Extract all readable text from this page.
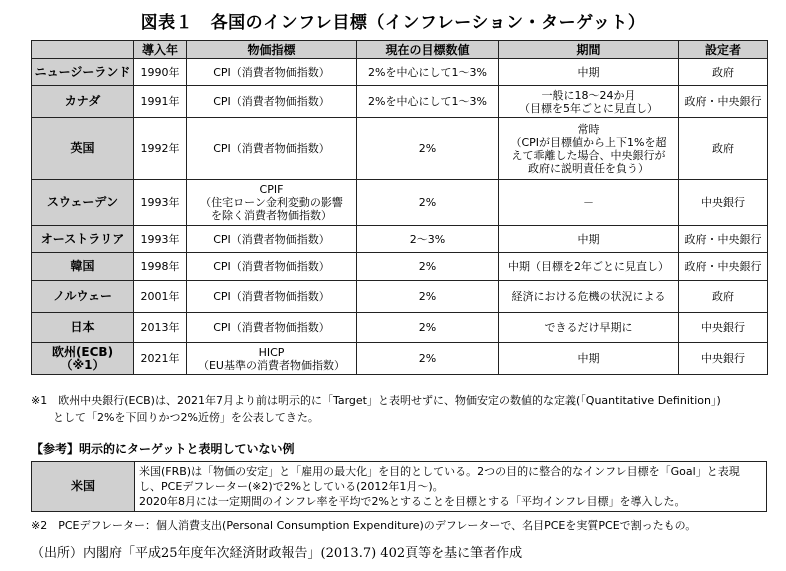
図表１　各国のインフレ目標（インフレーション・ターゲット）
	導入年	物価指標	現在の目標数値	期間	設定者
ニュージーランド	1990年	CPI（消費者物価指数）	2%を中心にして1～3%	中期	政府
カナダ	1991年	CPI（消費者物価指数）	2%を中心にして1～3%	一般に18～24か月
（目標を5年ごとに見直し）	政府・中央銀行
英国	1992年	CPI（消費者物価指数）	2%	常時
（CPIが目標値から上下1%を超
えて乖離した場合、中央銀行が
政府に説明責任を負う）	政府
スウェーデン	1993年	CPIF
（住宅ローン金利変動の影響
を除く消費者物価指数）	2%	－	中央銀行
オーストラリア	1993年	CPI（消費者物価指数）	2～3%	中期	政府・中央銀行
韓国	1998年	CPI（消費者物価指数）	2%	中期（目標を2年ごとに見直し）	政府・中央銀行
ノルウェー	2001年	CPI（消費者物価指数）	2%	経済における危機の状況による	政府
日本	2013年	CPI（消費者物価指数）	2%	できるだけ早期に	中央銀行
欧州(ECB)
（※1）	2021年	HICP
（EU基準の消費者物価指数）	2%	中期	中央銀行
※1　欧州中央銀行(ECB)は、2021年7月より前は明示的に「Target」と表明せずに、物価安定の数値的な定義(「Quantitative Definition」)
　　として「2%を下回りかつ2%近傍」を公表してきた。
【参考】明示的にターゲットと表明していない例
米国	
米国(FRB)は「物価の安定」と「雇用の最大化」を目的としている。2つの目的に整合的なインフレ目標を「Goal」と表現
し、PCEデフレーター(※2)で2%としている(2012年1月～)。
2020年8月には一定期間のインフレ率を平均で2%とすることを目標とする「平均インフレ目標」を導入した。
※2　PCEデフレーター：個人消費支出(Personal Consumption Expenditure)のデフレーターで、名目PCEを実質PCEで割ったもの。
（出所）内閣府「平成25年度年次経済財政報告」(2013.7) 402頁等を基に筆者作成
